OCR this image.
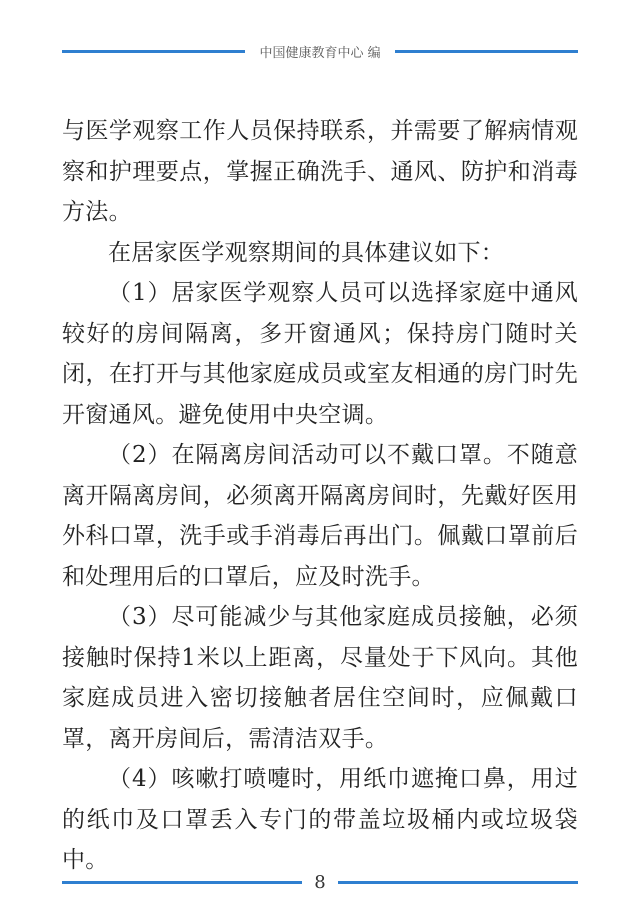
中国健康教育中心 编

与医学观察工作人员保持联系，并需要了解病情观察和护理要点，掌握正确洗手、通风、防护和消毒方法。

在居家医学观察期间的具体建议如下：

（1）居家医学观察人员可以选择家庭中通风较好的房间隔离，多开窗通风；保持房门随时关闭，在打开与其他家庭成员或室友相通的房门时先开窗通风。避免使用中央空调。

（2）在隔离房间活动可以不戴口罩。不随意离开隔离房间，必须离开隔离房间时，先戴好医用外科口罩，洗手或手消毒后再出门。佩戴口罩前后和处理用后的口罩后，应及时洗手。

（3）尽可能减少与其他家庭成员接触，必须接触时保持1米以上距离，尽量处于下风向。其他家庭成员进入密切接触者居住空间时，应佩戴口罩，离开房间后，需清洁双手。

（4）咳嗽打喷嚏时，用纸巾遮掩口鼻，用过的纸巾及口罩丢入专门的带盖垃圾桶内或垃圾袋中。

8
